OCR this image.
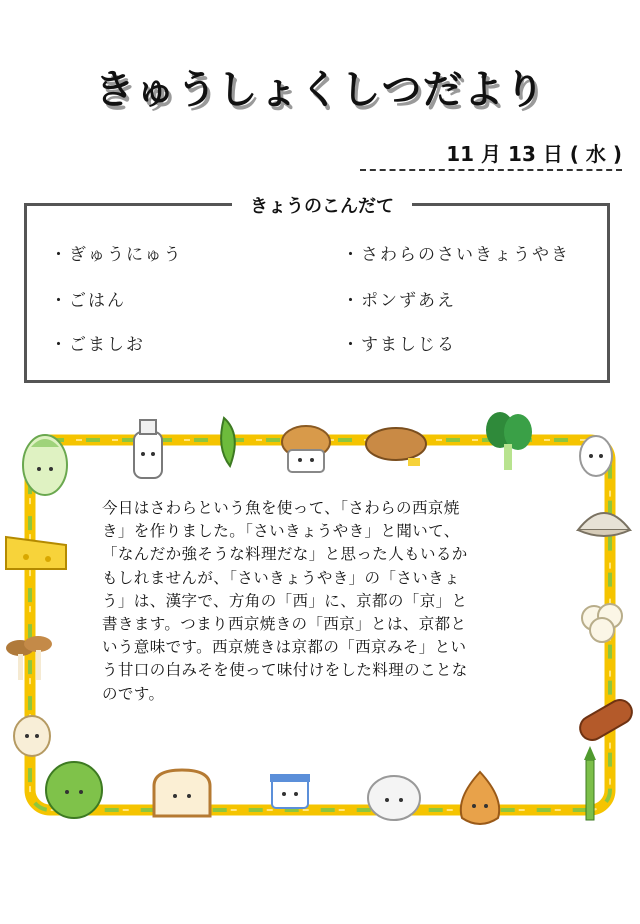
きゅうしょくしつだより
11 月 13 日 ( 水 )
きょうのこんだて
・ぎゅうにゅう
・ごはん
・ごましお
・さわらのさいきょうやき
・ポンずあえ
・すましじる
今日はさわらという魚を使って、「さわらの西京焼
き」を作りました。「さいきょうやき」と聞いて、
「なんだか強そうな料理だな」と思った人もいるか
もしれませんが、「さいきょうやき」の「さいきょ
う」は、漢字で、方角の「西」に、京都の「京」と
書きます。つまり西京焼きの「西京」とは、京都と
いう意味です。西京焼きは京都の「西京みそ」とい
う甘口の白みそを使って味付けをした料理のことな
のです。
